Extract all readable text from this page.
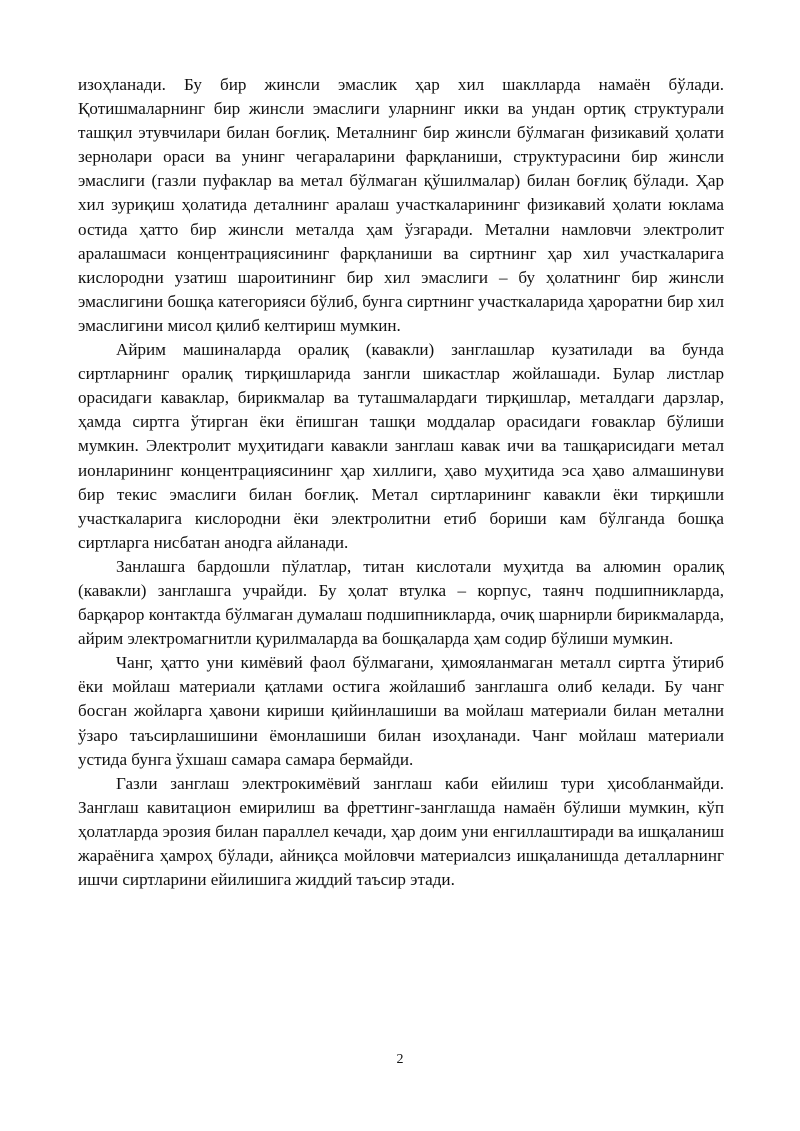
изоҳланади. Бу бир жинсли эмаслик ҳар хил шаклларда намаён бўлади. Қотишмаларнинг бир жинсли эмаслиги уларнинг икки ва ундан ортиқ структурали ташқил этувчилари билан боғлиқ. Металнинг бир жинсли бўлмаган физикавий ҳолати зернолари ораси ва унинг чегараларини фарқланиши, структурасини бир жинсли эмаслиги (газли пуфаклар ва метал бўлмаган қўшилмалар) билан боғлиқ бўлади. Ҳар хил зуриқиш ҳолатида деталнинг аралаш участкаларининг физикавий ҳолати юклама остида ҳатто бир жинсли металда ҳам ўзгаради. Метални намловчи электролит аралашмаси концентрациясининг фарқланиши ва сиртнинг ҳар хил участкаларига кислородни узатиш шароитининг бир хил эмаслиги – бу ҳолатнинг бир жинсли эмаслигини бошқа категорияси бўлиб, бунга сиртнинг участкаларида ҳароратни бир хил эмаслигини мисол қилиб келтириш мумкин.

Айрим машиналарда оралиқ (кавакли) занглашлар кузатилади ва бунда сиртларнинг оралиқ тирқишларида зангли шикастлар жойлашади. Булар листлар орасидаги каваклар, бирикмалар ва туташмалардаги тирқишлар, металдаги дарзлар, ҳамда сиртга ўтирган ёки ёпишган ташқи моддалар орасидаги ғоваклар бўлиши мумкин. Электролит муҳитидаги кавакли занглаш кавак ичи ва ташқарисидаги метал ионларининг концентрациясининг ҳар хиллиги, ҳаво муҳитида эса ҳаво алмашинуви бир текис эмаслиги билан боғлиқ. Метал сиртларининг кавакли ёки тирқишли участкаларига кислородни ёки электролитни етиб бориши кам бўлганда бошқа сиртларга нисбатан анодга айланади.

Занлашга бардошли пўлатлар, титан кислотали муҳитда ва алюмин оралиқ (кавакли) занглашга учрайди. Бу ҳолат втулка – корпус, таянч подшипникларда, барқарор контактда бўлмаган думалаш подшипникларда, очиқ шарнирли бирикмаларда, айрим электромагнитли қурилмаларда ва бошқаларда ҳам содир бўлиши мумкин.

Чанг, ҳатто уни кимёвий фаол бўлмагани, ҳимояланмаган металл сиртга ўтириб ёки мойлаш материали қатлами остига жойлашиб занглашга олиб келади. Бу чанг босган жойларга ҳавони кириши қийинлашиши ва мойлаш материали билан метални ўзаро таъсирлашишини ёмонлашиши билан изоҳланади. Чанг мойлаш материали устида бунга ўхшаш самара самара бермайди.

Газли занглаш электрокимёвий занглаш каби ейилиш тури ҳисобланмайди. Занглаш кавитацион емирилиш ва фреттинг-занглашда намаён бўлиши мумкин, кўп ҳолатларда эрозия билан параллел кечади, ҳар доим уни енгиллаштиради ва ишқаланиш жараёнига ҳамроҳ бўлади, айниқса мойловчи материалсиз ишқаланишда деталларнинг ишчи сиртларини ейилишига жиддий таъсир этади.

2
